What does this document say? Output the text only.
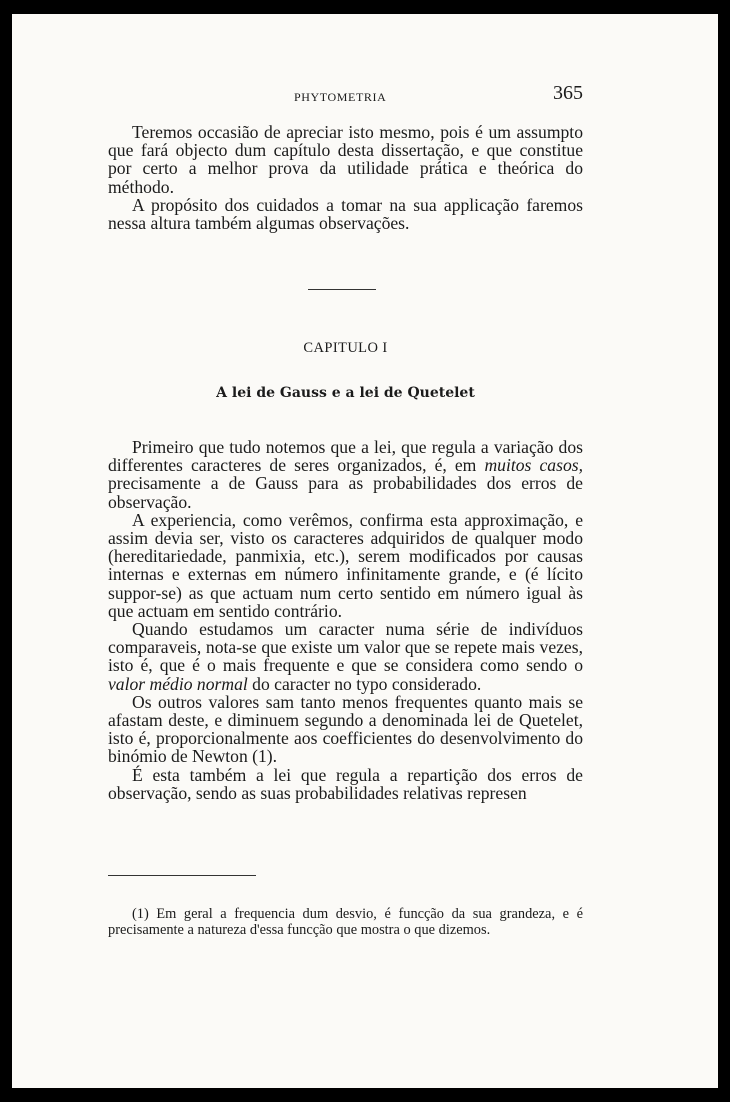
PHYTOMETRIA	365

Teremos occasião de apreciar isto mesmo, pois é um assumpto que fará objecto dum capítulo desta dissertação, e que constitue por certo a melhor prova da utilidade prática e theórica do méthodo.

A propósito dos cuidados a tomar na sua applicação faremos nessa altura também algumas observações.

CAPITULO I
A lei de Gauss e a lei de Quetelet

Primeiro que tudo notemos que a lei, que regula a variação dos differentes caracteres de seres organizados, é, em muitos casos, precisamente a de Gauss para as probabilidades dos erros de observação.

A experiencia, como verêmos, confirma esta approximação, e assim devia ser, visto os caracteres adquiridos de qualquer modo (hereditariedade, panmixia, etc.), serem modificados por causas internas e externas em número infinitamente grande, e (é lícito suppor-se) as que actuam num certo sentido em número igual às que actuam em sentido contrário.

Quando estudamos um caracter numa série de indivíduos comparaveis, nota-se que existe um valor que se repete mais vezes, isto é, que é o mais frequente e que se considera como sendo o valor médio normal do caracter no typo considerado.

Os outros valores sam tanto menos frequentes quanto mais se afastam deste, e diminuem segundo a denominada lei de Quetelet, isto é, proporcionalmente aos coefficientes do desenvolvimento do binómio de Newton (1).

É esta também a lei que regula a repartição dos erros de observação, sendo as suas probabilidades relativas represen

(1) Em geral a frequencia dum desvio, é funcção da sua grandeza, e é precisamente a natureza d'essa funcção que mostra o que dizemos.
